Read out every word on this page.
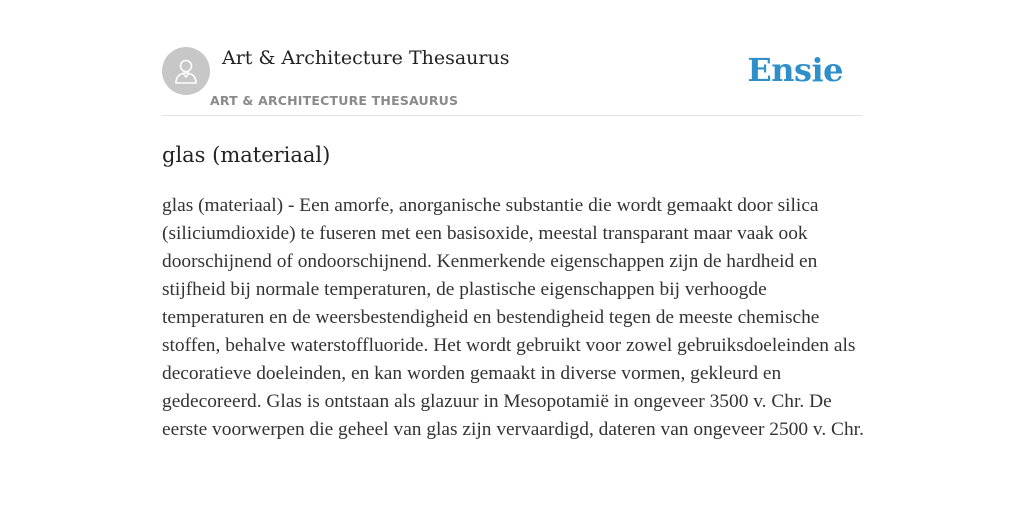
Art & Architecture Thesaurus
ART & ARCHITECTURE THESAURUS
Ensie
glas (materiaal)

glas (materiaal) - Een amorfe, anorganische substantie die wordt gemaakt door silica (siliciumdioxide) te fuseren met een basisoxide, meestal transparant maar vaak ook doorschijnend of ondoorschijnend. Kenmerkende eigenschappen zijn de hardheid en stijfheid bij normale temperaturen, de plastische eigenschappen bij verhoogde temperaturen en de weersbestendigheid en bestendigheid tegen de meeste chemische stoffen, behalve waterstoffluoride. Het wordt gebruikt voor zowel gebruiksdoeleinden als decoratieve doeleinden, en kan worden gemaakt in diverse vormen, gekleurd en gedecoreerd. Glas is ontstaan als glazuur in Mesopotamië in ongeveer 3500 v. Chr. De eerste voorwerpen die geheel van glas zijn vervaardigd, dateren van ongeveer 2500 v. Chr.
